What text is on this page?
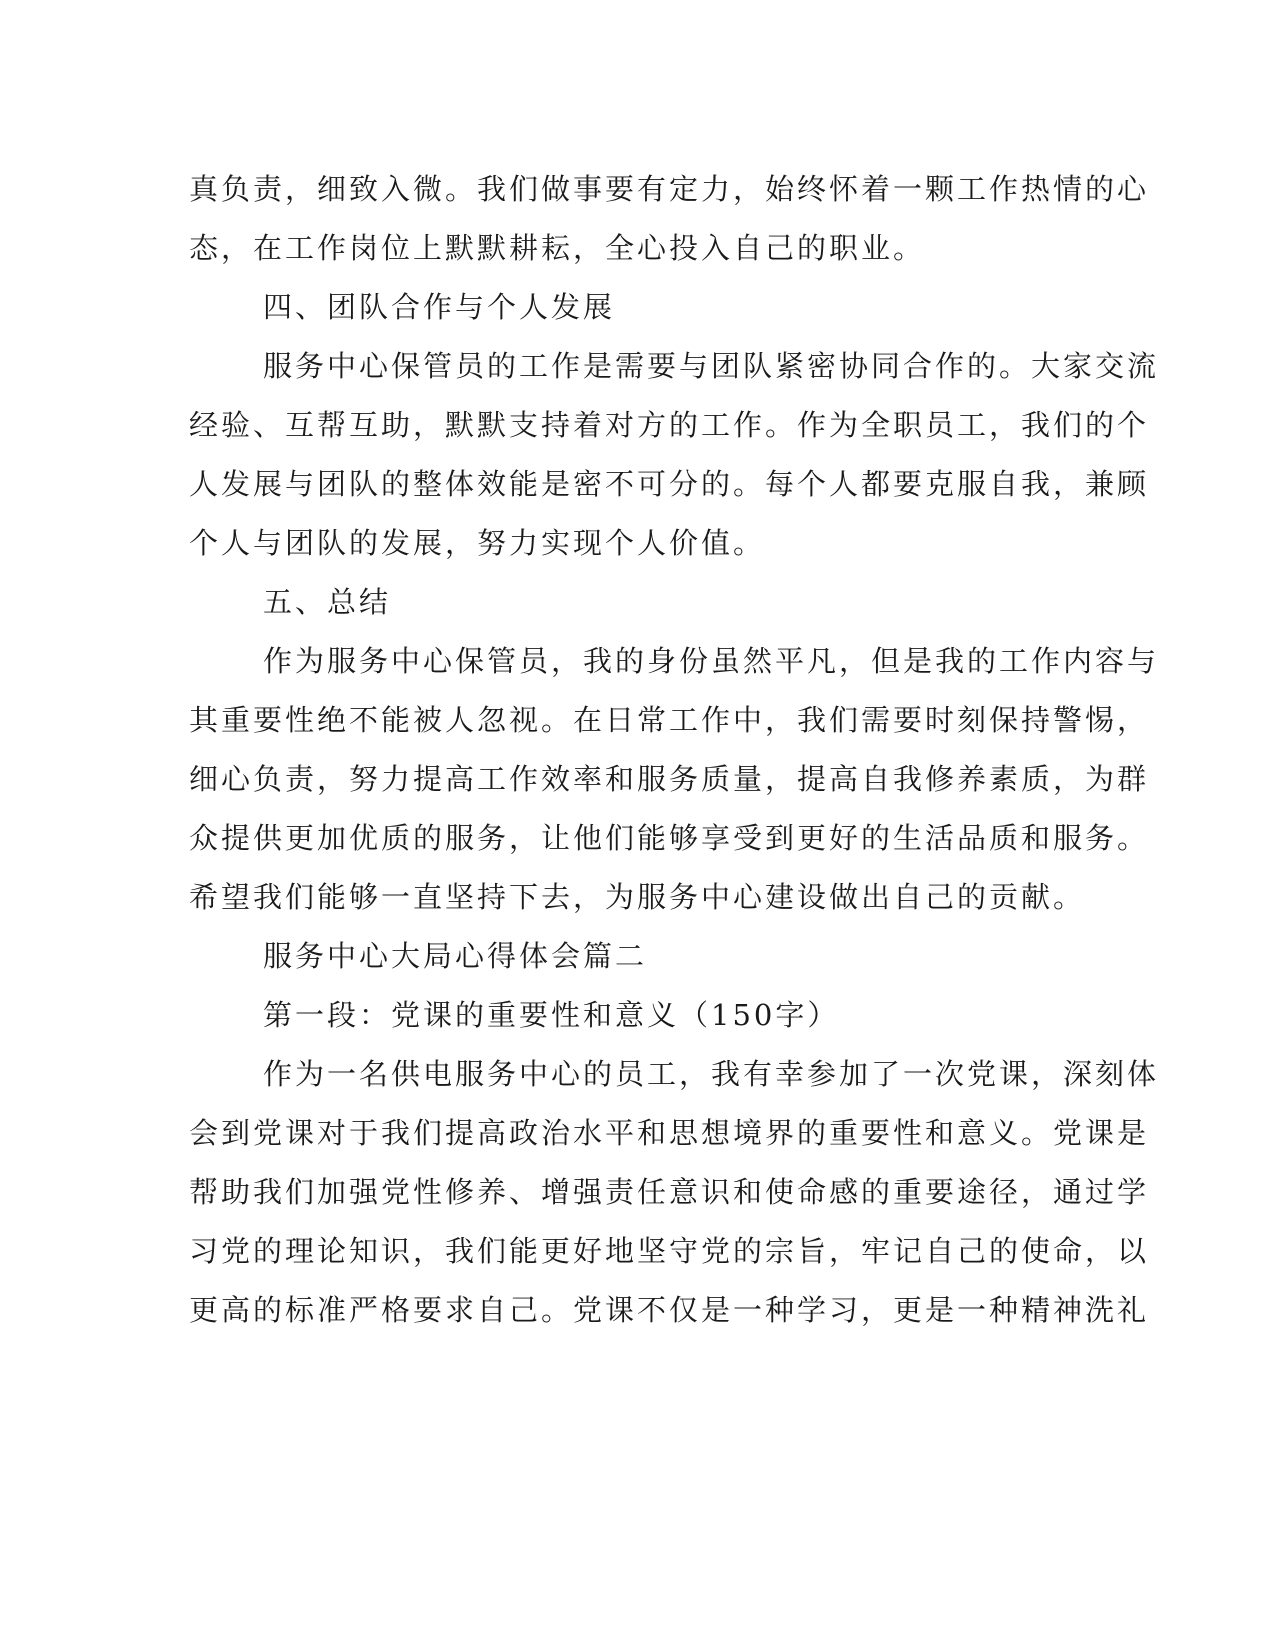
真负责，细致入微。我们做事要有定力，始终怀着一颗工作热情的心
态，在工作岗位上默默耕耘，全心投入自己的职业。
四、团队合作与个人发展
服务中心保管员的工作是需要与团队紧密协同合作的。大家交流
经验、互帮互助，默默支持着对方的工作。作为全职员工，我们的个
人发展与团队的整体效能是密不可分的。每个人都要克服自我，兼顾
个人与团队的发展，努力实现个人价值。
五、总结
作为服务中心保管员，我的身份虽然平凡，但是我的工作内容与
其重要性绝不能被人忽视。在日常工作中，我们需要时刻保持警惕，
细心负责，努力提高工作效率和服务质量，提高自我修养素质，为群
众提供更加优质的服务，让他们能够享受到更好的生活品质和服务。
希望我们能够一直坚持下去，为服务中心建设做出自己的贡献。
服务中心大局心得体会篇二
第一段：党课的重要性和意义（150字）
作为一名供电服务中心的员工，我有幸参加了一次党课，深刻体
会到党课对于我们提高政治水平和思想境界的重要性和意义。党课是
帮助我们加强党性修养、增强责任意识和使命感的重要途径，通过学
习党的理论知识，我们能更好地坚守党的宗旨，牢记自己的使命，以
更高的标准严格要求自己。党课不仅是一种学习，更是一种精神洗礼
